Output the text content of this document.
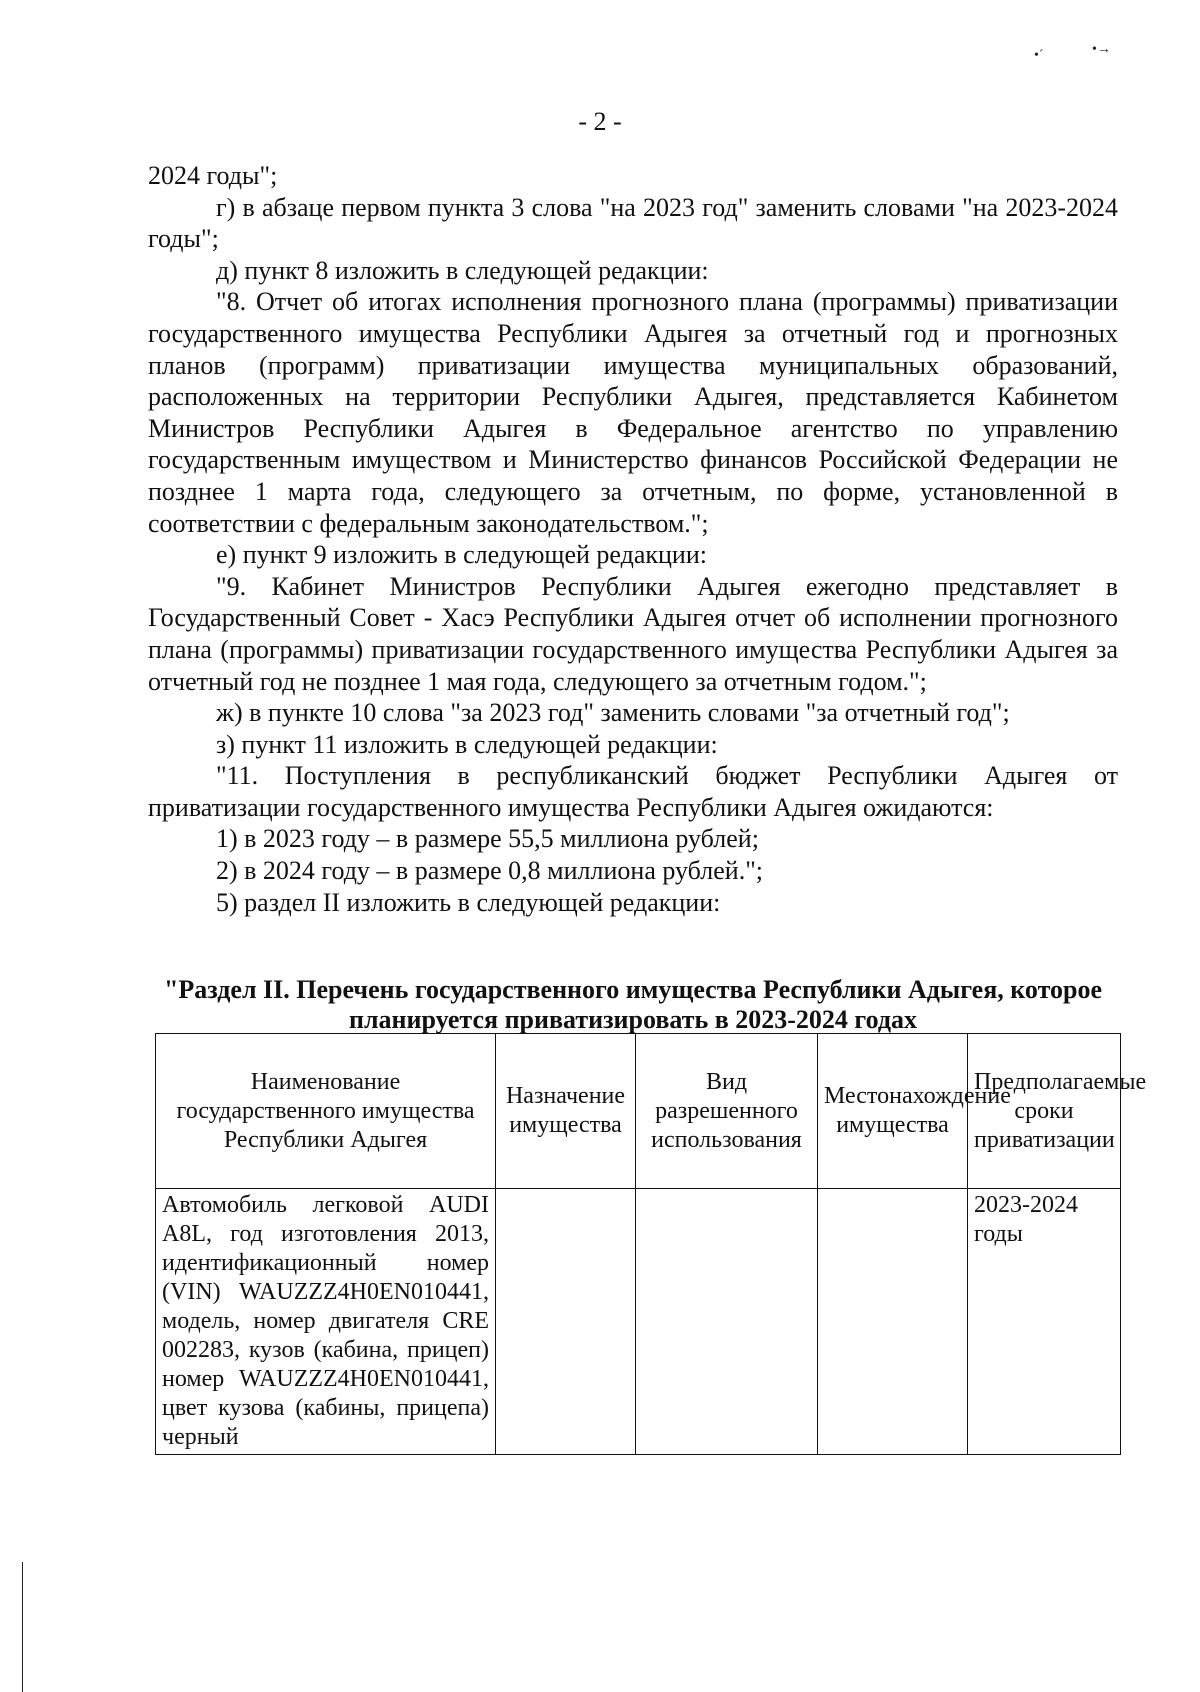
•ˊ	•→
- 2 -

2024 годы";

г) в абзаце первом пункта 3 слова "на 2023 год" заменить словами "на 2023-2024 годы";

д) пункт 8 изложить в следующей редакции:

"8. Отчет об итогах исполнения прогнозного плана (программы) приватизации государственного имущества Республики Адыгея за отчетный год и прогнозных планов (программ) приватизации имущества муниципальных образований, расположенных на территории Республики Адыгея, представляется Кабинетом Министров Республики Адыгея в Федеральное агентство по управлению государственным имуществом и Министерство финансов Российской Федерации не позднее 1 марта года, следующего за отчетным, по форме, установленной в соответствии с федеральным законодательством.";

е) пункт 9 изложить в следующей редакции:

"9. Кабинет Министров Республики Адыгея ежегодно представляет в Государственный Совет - Хасэ Республики Адыгея отчет об исполнении прогнозного плана (программы) приватизации государственного имущества Республики Адыгея за отчетный год не позднее 1 мая года, следующего за отчетным годом.";

ж) в пункте 10 слова "за 2023 год" заменить словами "за отчетный год";

з) пункт 11 изложить в следующей редакции:

"11. Поступления в республиканский бюджет Республики Адыгея от приватизации государственного имущества Республики Адыгея ожидаются:

1) в 2023 году – в размере 55,5 миллиона рублей;

2) в 2024 году – в размере 0,8 миллиона рублей.";

5) раздел II изложить в следующей редакции:

"Раздел II. Перечень государственного имущества Республики Адыгея, которое планируется приватизировать в 2023-2024 годах

Наименование государственного имущества Республики Адыгея	Назначение имущества	Вид разрешенного использования	Местонахождение имущества	Предполагаемые сроки приватизации
Автомобиль легковой AUDI A8L, год изготовления 2013, идентификационный номер (VIN) WAUZZZ4H0EN010441, модель, номер двигателя CRE 002283, кузов (кабина, прицеп) номер WAUZZZ4H0EN010441, цвет кузова (кабины, прицепа) черный				2023-2024 годы
